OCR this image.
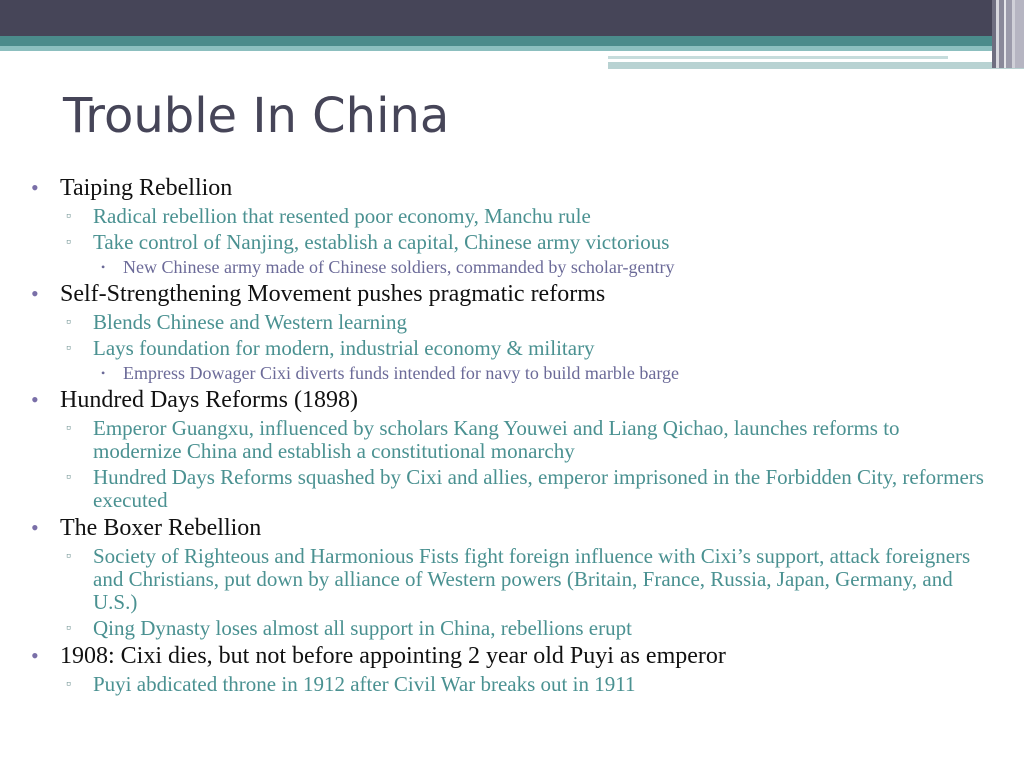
Trouble In China
• Taiping Rebellion
▫ Radical rebellion that resented poor economy, Manchu rule
▫ Take control of Nanjing, establish a capital, Chinese army victorious
• New Chinese army made of Chinese soldiers, commanded by scholar-gentry
• Self-Strengthening Movement pushes pragmatic reforms
▫ Blends Chinese and Western learning
▫ Lays foundation for modern, industrial economy & military
• Empress Dowager Cixi diverts funds intended for navy to build marble barge
• Hundred Days Reforms (1898)
▫ Emperor Guangxu, influenced by scholars Kang Youwei and Liang Qichao, launches reforms to modernize China and establish a constitutional monarchy
▫ Hundred Days Reforms squashed by Cixi and allies, emperor imprisoned in the Forbidden City, reformers executed
• The Boxer Rebellion
▫ Society of Righteous and Harmonious Fists fight foreign influence with Cixi’s support, attack foreigners and Christians, put down by alliance of Western powers (Britain, France, Russia, Japan, Germany, and U.S.)
▫ Qing Dynasty loses almost all support in China, rebellions erupt
• 1908: Cixi dies, but not before appointing 2 year old Puyi as emperor
▫ Puyi abdicated throne in 1912 after Civil War breaks out in 1911
